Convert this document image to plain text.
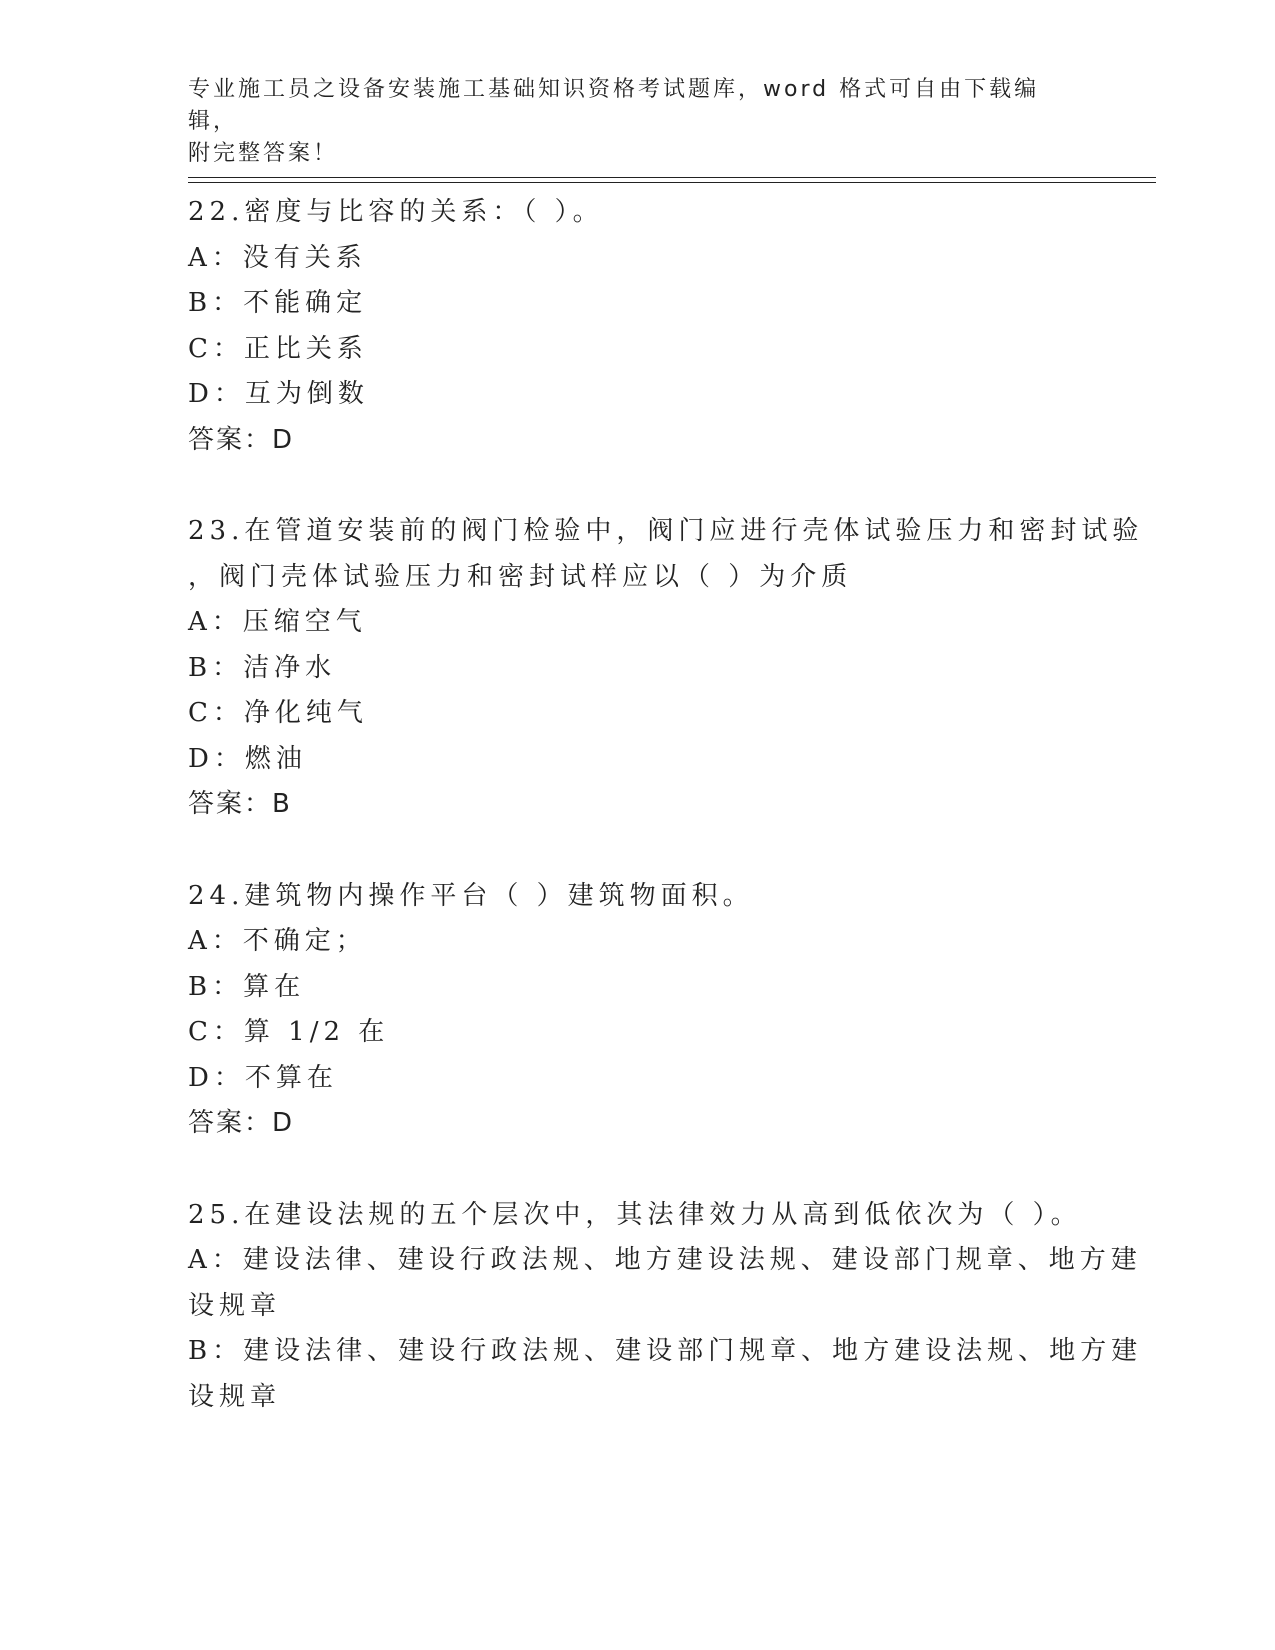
专业施工员之设备安装施工基础知识资格考试题库，word 格式可自由下载编辑，
附完整答案！
22.密度与比容的关系：（ ）。
A：没有关系
B：不能确定
C：正比关系
D：互为倒数
答案：D
23.在管道安装前的阀门检验中，阀门应进行壳体试验压力和密封试验
，阀门壳体试验压力和密封试样应以（ ）为介质
A：压缩空气
B：洁净水
C：净化纯气
D：燃油
答案：B
24.建筑物内操作平台（ ）建筑物面积。
A：不确定；
B：算在
C：算 1/2 在
D：不算在
答案：D
25.在建设法规的五个层次中，其法律效力从高到低依次为（ ）。
A：建设法律、建设行政法规、地方建设法规、建设部门规章、地方建
设规章
B：建设法律、建设行政法规、建设部门规章、地方建设法规、地方建
设规章
